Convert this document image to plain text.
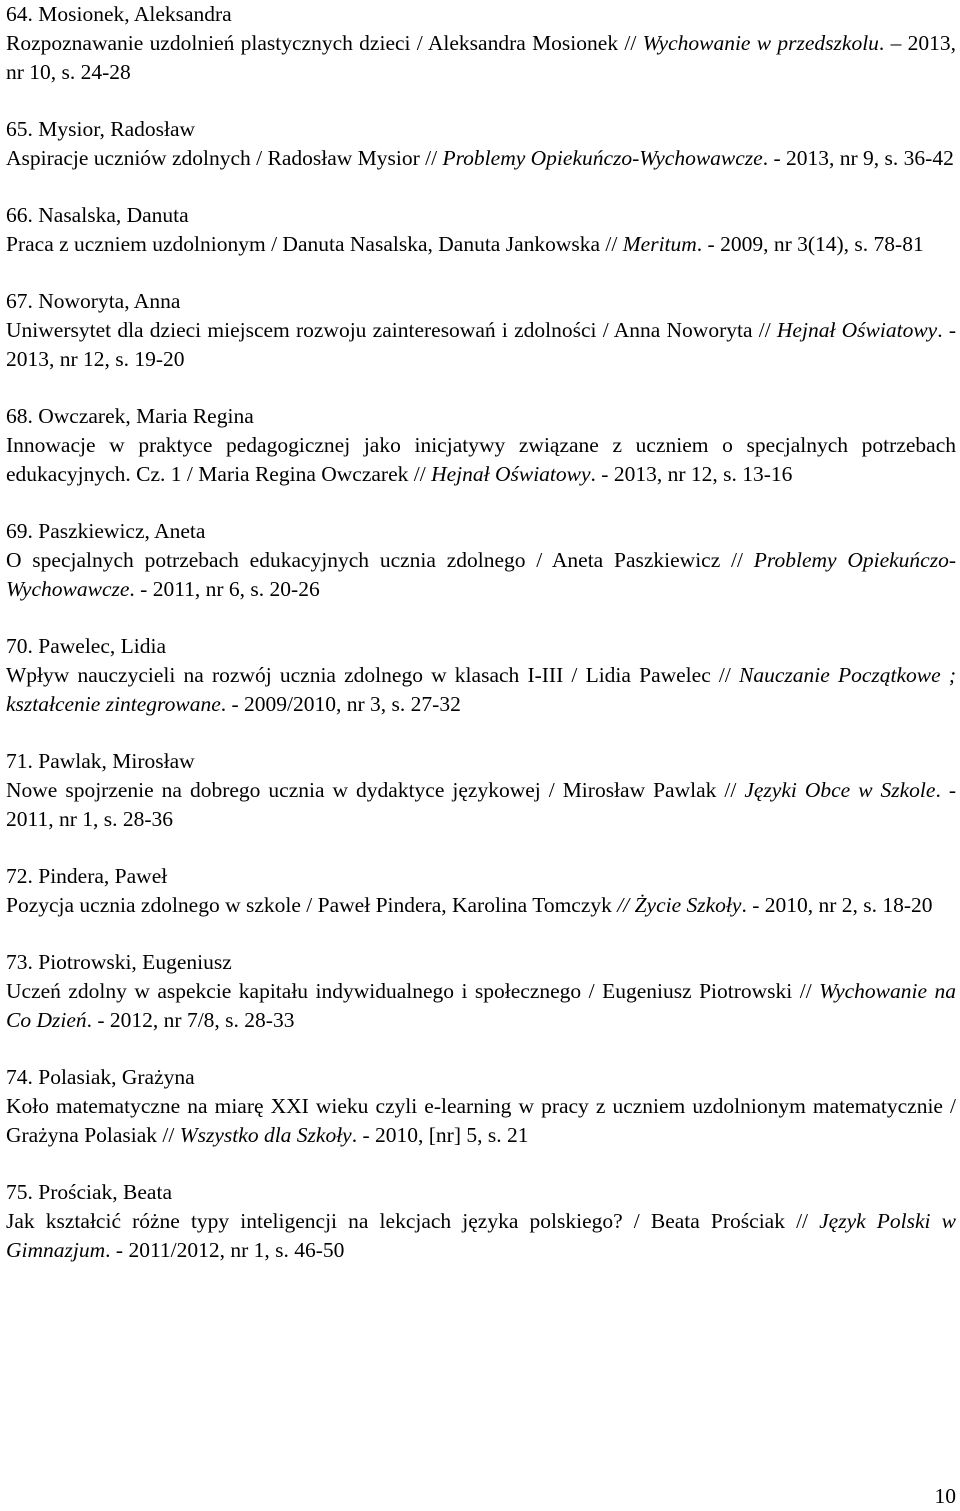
64. Mosionek, Aleksandra

Rozpoznawanie uzdolnień plastycznych dzieci / Aleksandra Mosionek // Wychowanie w przedszkolu. – 2013, nr 10, s. 24-28

65. Mysior, Radosław

Aspiracje uczniów zdolnych / Radosław Mysior // Problemy Opiekuńczo-Wychowawcze. - 2013, nr 9, s. 36-42

66. Nasalska, Danuta

Praca z uczniem uzdolnionym / Danuta Nasalska, Danuta Jankowska // Meritum. - 2009, nr 3(14), s. 78-81

67. Noworyta, Anna

Uniwersytet dla dzieci miejscem rozwoju zainteresowań i zdolności / Anna Noworyta // Hejnał Oświatowy. - 2013, nr 12, s. 19-20

68. Owczarek, Maria Regina

Innowacje w praktyce pedagogicznej jako inicjatywy związane z uczniem o specjalnych potrzebach edukacyjnych. Cz. 1 / Maria Regina Owczarek // Hejnał Oświatowy. - 2013, nr 12, s. 13-16

69. Paszkiewicz, Aneta

O specjalnych potrzebach edukacyjnych ucznia zdolnego / Aneta Paszkiewicz // Problemy Opiekuńczo-Wychowawcze. - 2011, nr 6, s. 20-26

70. Pawelec, Lidia

Wpływ nauczycieli na rozwój ucznia zdolnego w klasach I-III / Lidia Pawelec // Nauczanie Początkowe ; kształcenie zintegrowane. - 2009/2010, nr 3, s. 27-32

71. Pawlak, Mirosław

Nowe spojrzenie na dobrego ucznia w dydaktyce językowej / Mirosław Pawlak // Języki Obce w Szkole. - 2011, nr 1, s. 28-36

72. Pindera, Paweł

Pozycja ucznia zdolnego w szkole / Paweł Pindera, Karolina Tomczyk // Życie Szkoły. - 2010, nr 2, s. 18-20

73. Piotrowski, Eugeniusz

Uczeń zdolny w aspekcie kapitału indywidualnego i społecznego / Eugeniusz Piotrowski // Wychowanie na Co Dzień. - 2012, nr 7/8, s. 28-33

74. Polasiak, Grażyna

Koło matematyczne na miarę XXI wieku czyli e-learning w pracy z uczniem uzdolnionym matematycznie / Grażyna Polasiak // Wszystko dla Szkoły. - 2010, [nr] 5, s. 21

75. Prościak, Beata

Jak kształcić różne typy inteligencji na lekcjach języka polskiego? / Beata Prościak // Język Polski w Gimnazjum. - 2011/2012, nr 1, s. 46-50

10
